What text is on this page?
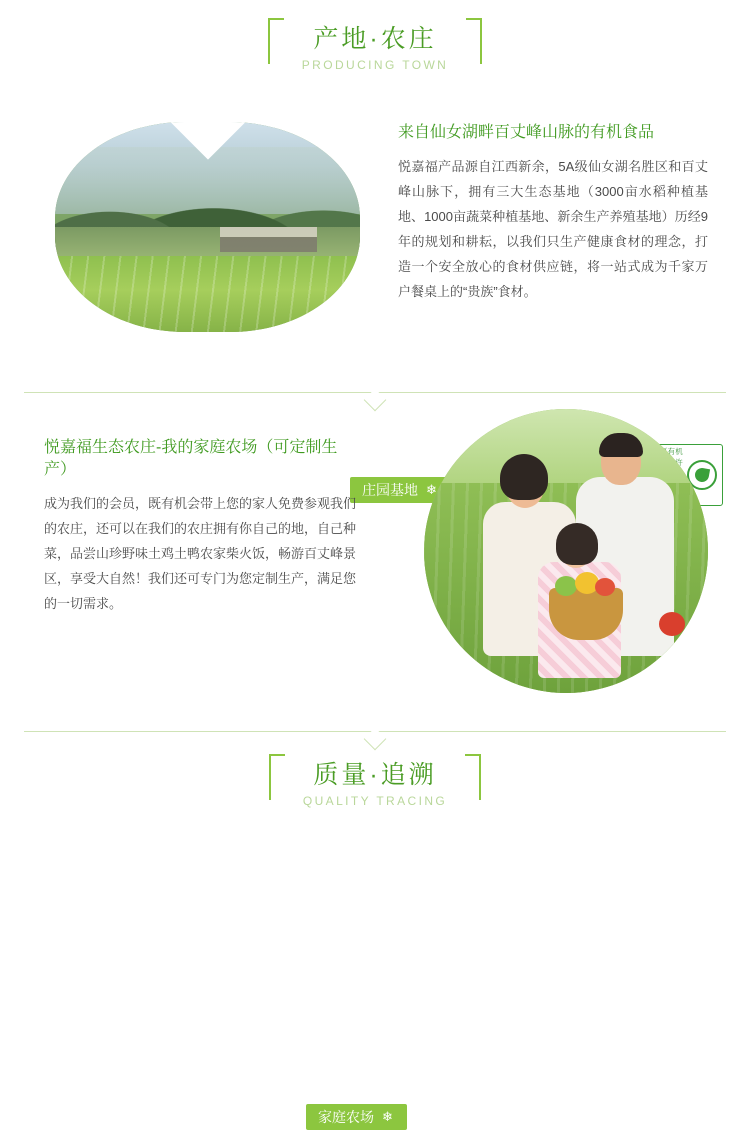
产地·农庄

PRODUCING TOWN

来自仙女湖畔百丈峰山脉的有机食品

悦嘉福产品源自江西新余，5A级仙女湖名胜区和百丈峰山脉下，拥有三大生态基地（3000亩水稻种植基地、1000亩蔬菜种植基地、新余生产养殖基地）历经9年的规划和耕耘，以我们只生产健康食材的理念，打造一个安全放心的食材供应链，将一站式成为千家万户餐桌上的“贵族”食材。

庄园基地
悦嘉福生态农庄-我的家庭农场（可定制生产）

成为我们的会员，既有机会带上您的家人免费参观我们的农庄，还可以在我们的农庄拥有你自己的地，自己种菜，品尝山珍野味土鸡土鸭农家柴火饭，畅游百丈峰景区，享受大自然！我们还可专门为您定制生产，满足您的一切需求。

家庭农场 ❄

质量·追溯

QUALITY TRACING
